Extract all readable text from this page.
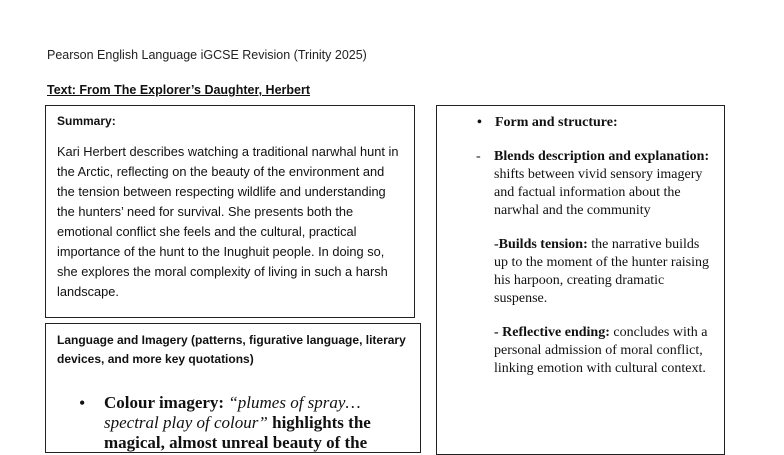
Pearson English Language iGCSE Revision (Trinity 2025)
Text: From The Explorer’s Daughter, Herbert
Summary:
Kari Herbert describes watching a traditional narwhal hunt in the Arctic, reflecting on the beauty of the environment and the tension between respecting wildlife and understanding the hunters’ need for survival. She presents both the emotional conflict she feels and the cultural, practical importance of the hunt to the Inughuit people. In doing so, she explores the moral complexity of living in such a harsh landscape.
Language and Imagery (patterns, figurative language, literary devices, and more key quotations)
• Colour imagery: “plumes of spray… spectral play of colour” highlights the magical, almost unreal beauty of the
• Form and structure:
- Blends description and explanation: shifts between vivid sensory imagery and factual information about the narwhal and the community
-Builds tension: the narrative builds up to the moment of the hunter raising his harpoon, creating dramatic suspense.
- Reflective ending: concludes with a personal admission of moral conflict, linking emotion with cultural context.
